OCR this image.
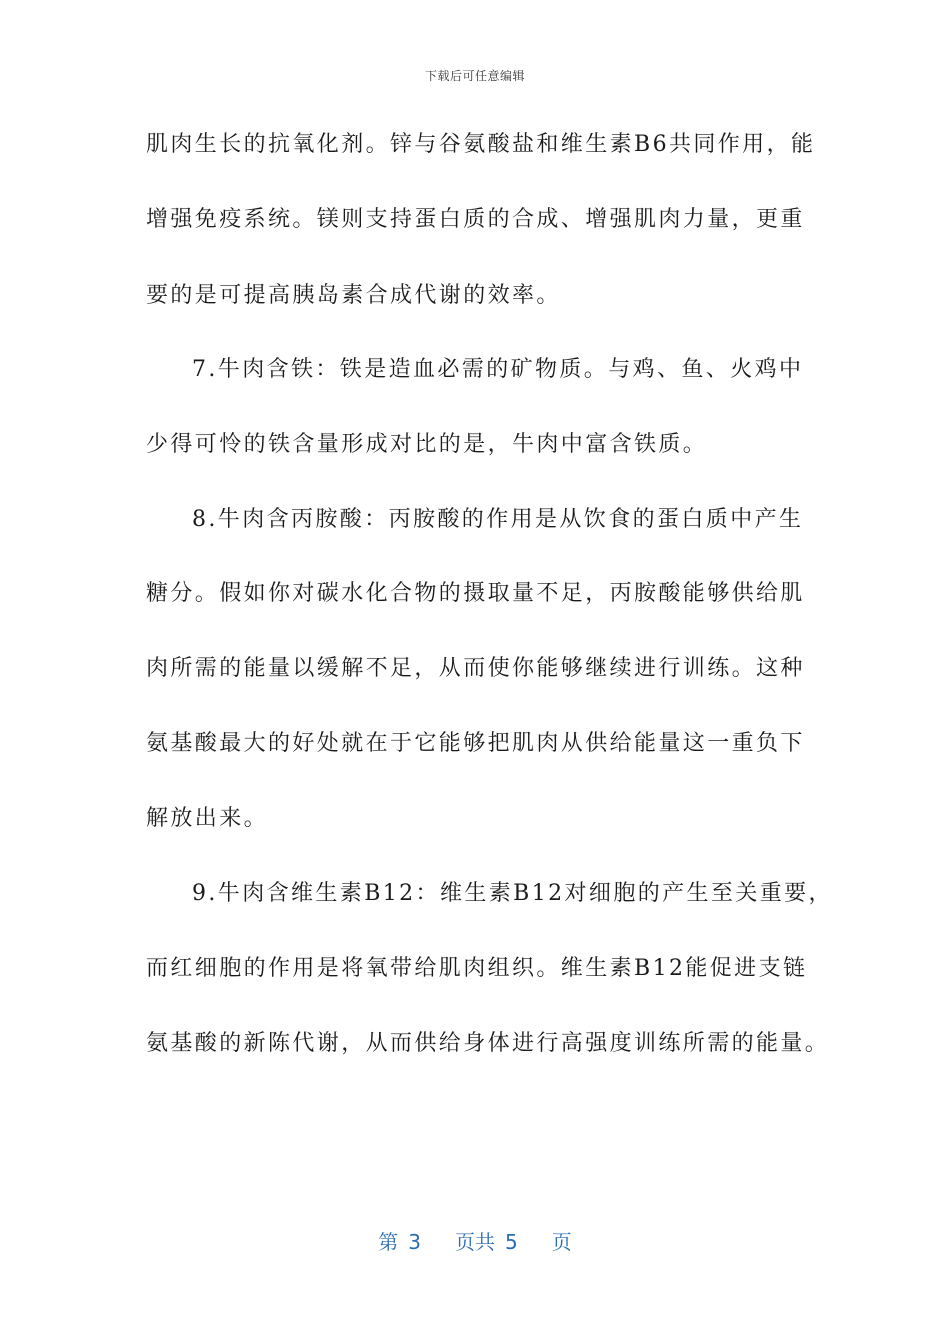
下载后可任意编辑
肌肉生长的抗氧化剂。锌与谷氨酸盐和维生素B6共同作用，能
增强免疫系统。镁则支持蛋白质的合成、增强肌肉力量，更重
要的是可提高胰岛素合成代谢的效率。
7.牛肉含铁：铁是造血必需的矿物质。与鸡、鱼、火鸡中
少得可怜的铁含量形成对比的是，牛肉中富含铁质。
8.牛肉含丙胺酸：丙胺酸的作用是从饮食的蛋白质中产生
糖分。假如你对碳水化合物的摄取量不足，丙胺酸能够供给肌
肉所需的能量以缓解不足，从而使你能够继续进行训练。这种
氨基酸最大的好处就在于它能够把肌肉从供给能量这一重负下
解放出来。
9.牛肉含维生素B12：维生素B12对细胞的产生至关重要，
而红细胞的作用是将氧带给肌肉组织。维生素B12能促进支链
氨基酸的新陈代谢，从而供给身体进行高强度训练所需的能量。
第 3 页共 5 页
